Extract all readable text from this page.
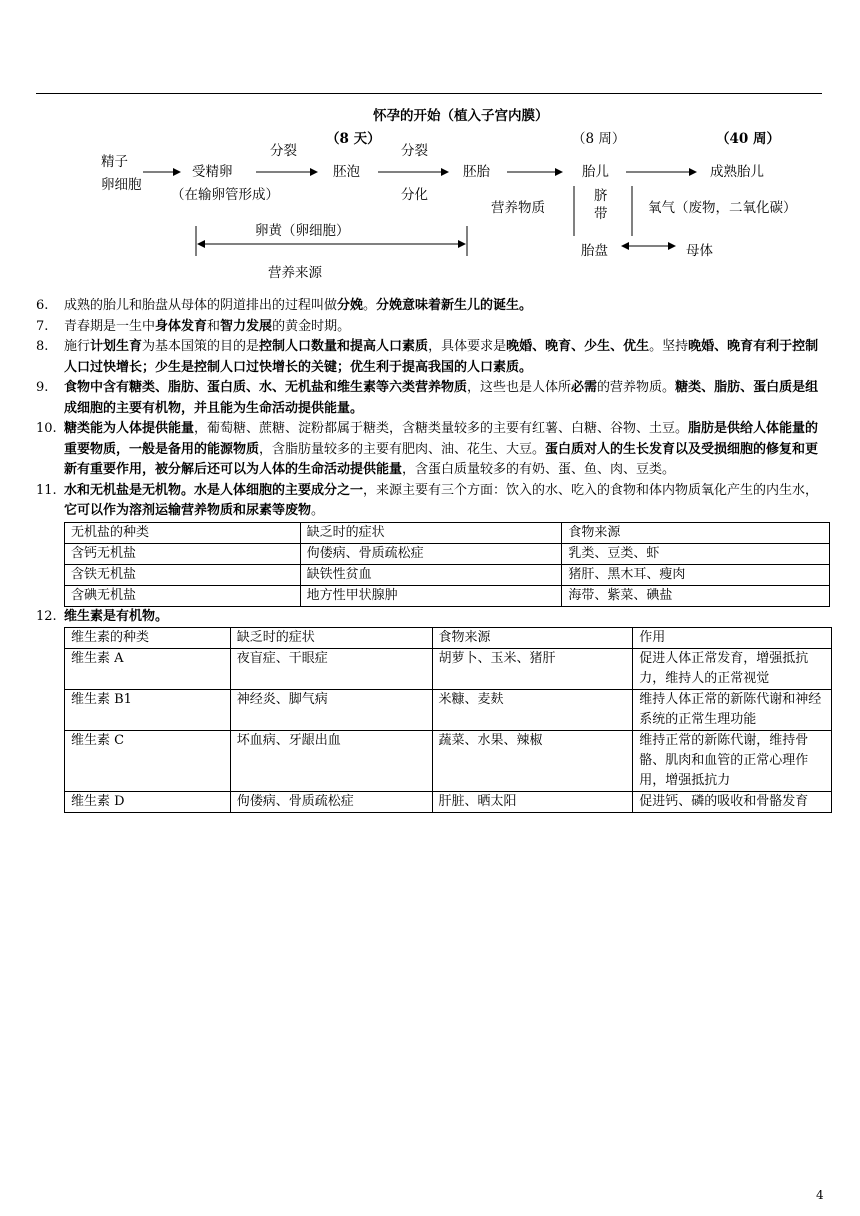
怀孕的开始（植入子宫内膜）
精子
卵细胞
受精卵
（在输卵管形成）
分裂
（8 天）
胚泡
分裂
分化
胚胎
（8 周）
胎儿
（40 周）
成熟胎儿
营养物质
脐带	氧气（废物，二氧化碳）
卵黄（卵细胞）
营养来源
胎盘	母体
6. 成熟的胎儿和胎盘从母体的阴道排出的过程叫做分娩。分娩意味着新生儿的诞生。
7. 青春期是一生中身体发育和智力发展的黄金时期。
8. 施行计划生育为基本国策的目的是控制人口数量和提高人口素质，具体要求是晚婚、晚育、少生、优生。坚持晚婚、晚育有利于控制人口过快增长；少生是控制人口过快增长的关键；优生利于提高我国的人口素质。
9. 食物中含有糖类、脂肪、蛋白质、水、无机盐和维生素等六类营养物质，这些也是人体所必需的营养物质。糖类、脂肪、蛋白质是组成细胞的主要有机物，并且能为生命活动提供能量。
10. 糖类能为人体提供能量，葡萄糖、蔗糖、淀粉都属于糖类，含糖类量较多的主要有红薯、白糖、谷物、土豆。脂肪是供给人体能量的重要物质，一般是备用的能源物质，含脂肪量较多的主要有肥肉、油、花生、大豆。蛋白质对人的生长发育以及受损细胞的修复和更新有重要作用，被分解后还可以为人体的生命活动提供能量，含蛋白质量较多的有奶、蛋、鱼、肉、豆类。
11. 水和无机盐是无机物。水是人体细胞的主要成分之一，来源主要有三个方面：饮入的水、吃入的食物和体内物质氧化产生的内生水，它可以作为溶剂运输营养物质和尿素等废物。
无机盐的种类	缺乏时的症状	食物来源
含钙无机盐	佝偻病、骨质疏松症	乳类、豆类、虾
含铁无机盐	缺铁性贫血	猪肝、黑木耳、瘦肉
含碘无机盐	地方性甲状腺肿	海带、紫菜、碘盐
12. 维生素是有机物。
维生素的种类	缺乏时的症状	食物来源	作用
维生素 A	夜盲症、干眼症	胡萝卜、玉米、猪肝	促进人体正常发育，增强抵抗力，维持人的正常视觉
维生素 B1	神经炎、脚气病	米糠、麦麸	维持人体正常的新陈代谢和神经系统的正常生理功能
维生素 C	坏血病、牙龈出血	蔬菜、水果、辣椒	维持正常的新陈代谢，维持骨骼、肌肉和血管的正常心理作用，增强抵抗力
维生素 D	佝偻病、骨质疏松症	肝脏、晒太阳	促进钙、磷的吸收和骨骼发育
4
